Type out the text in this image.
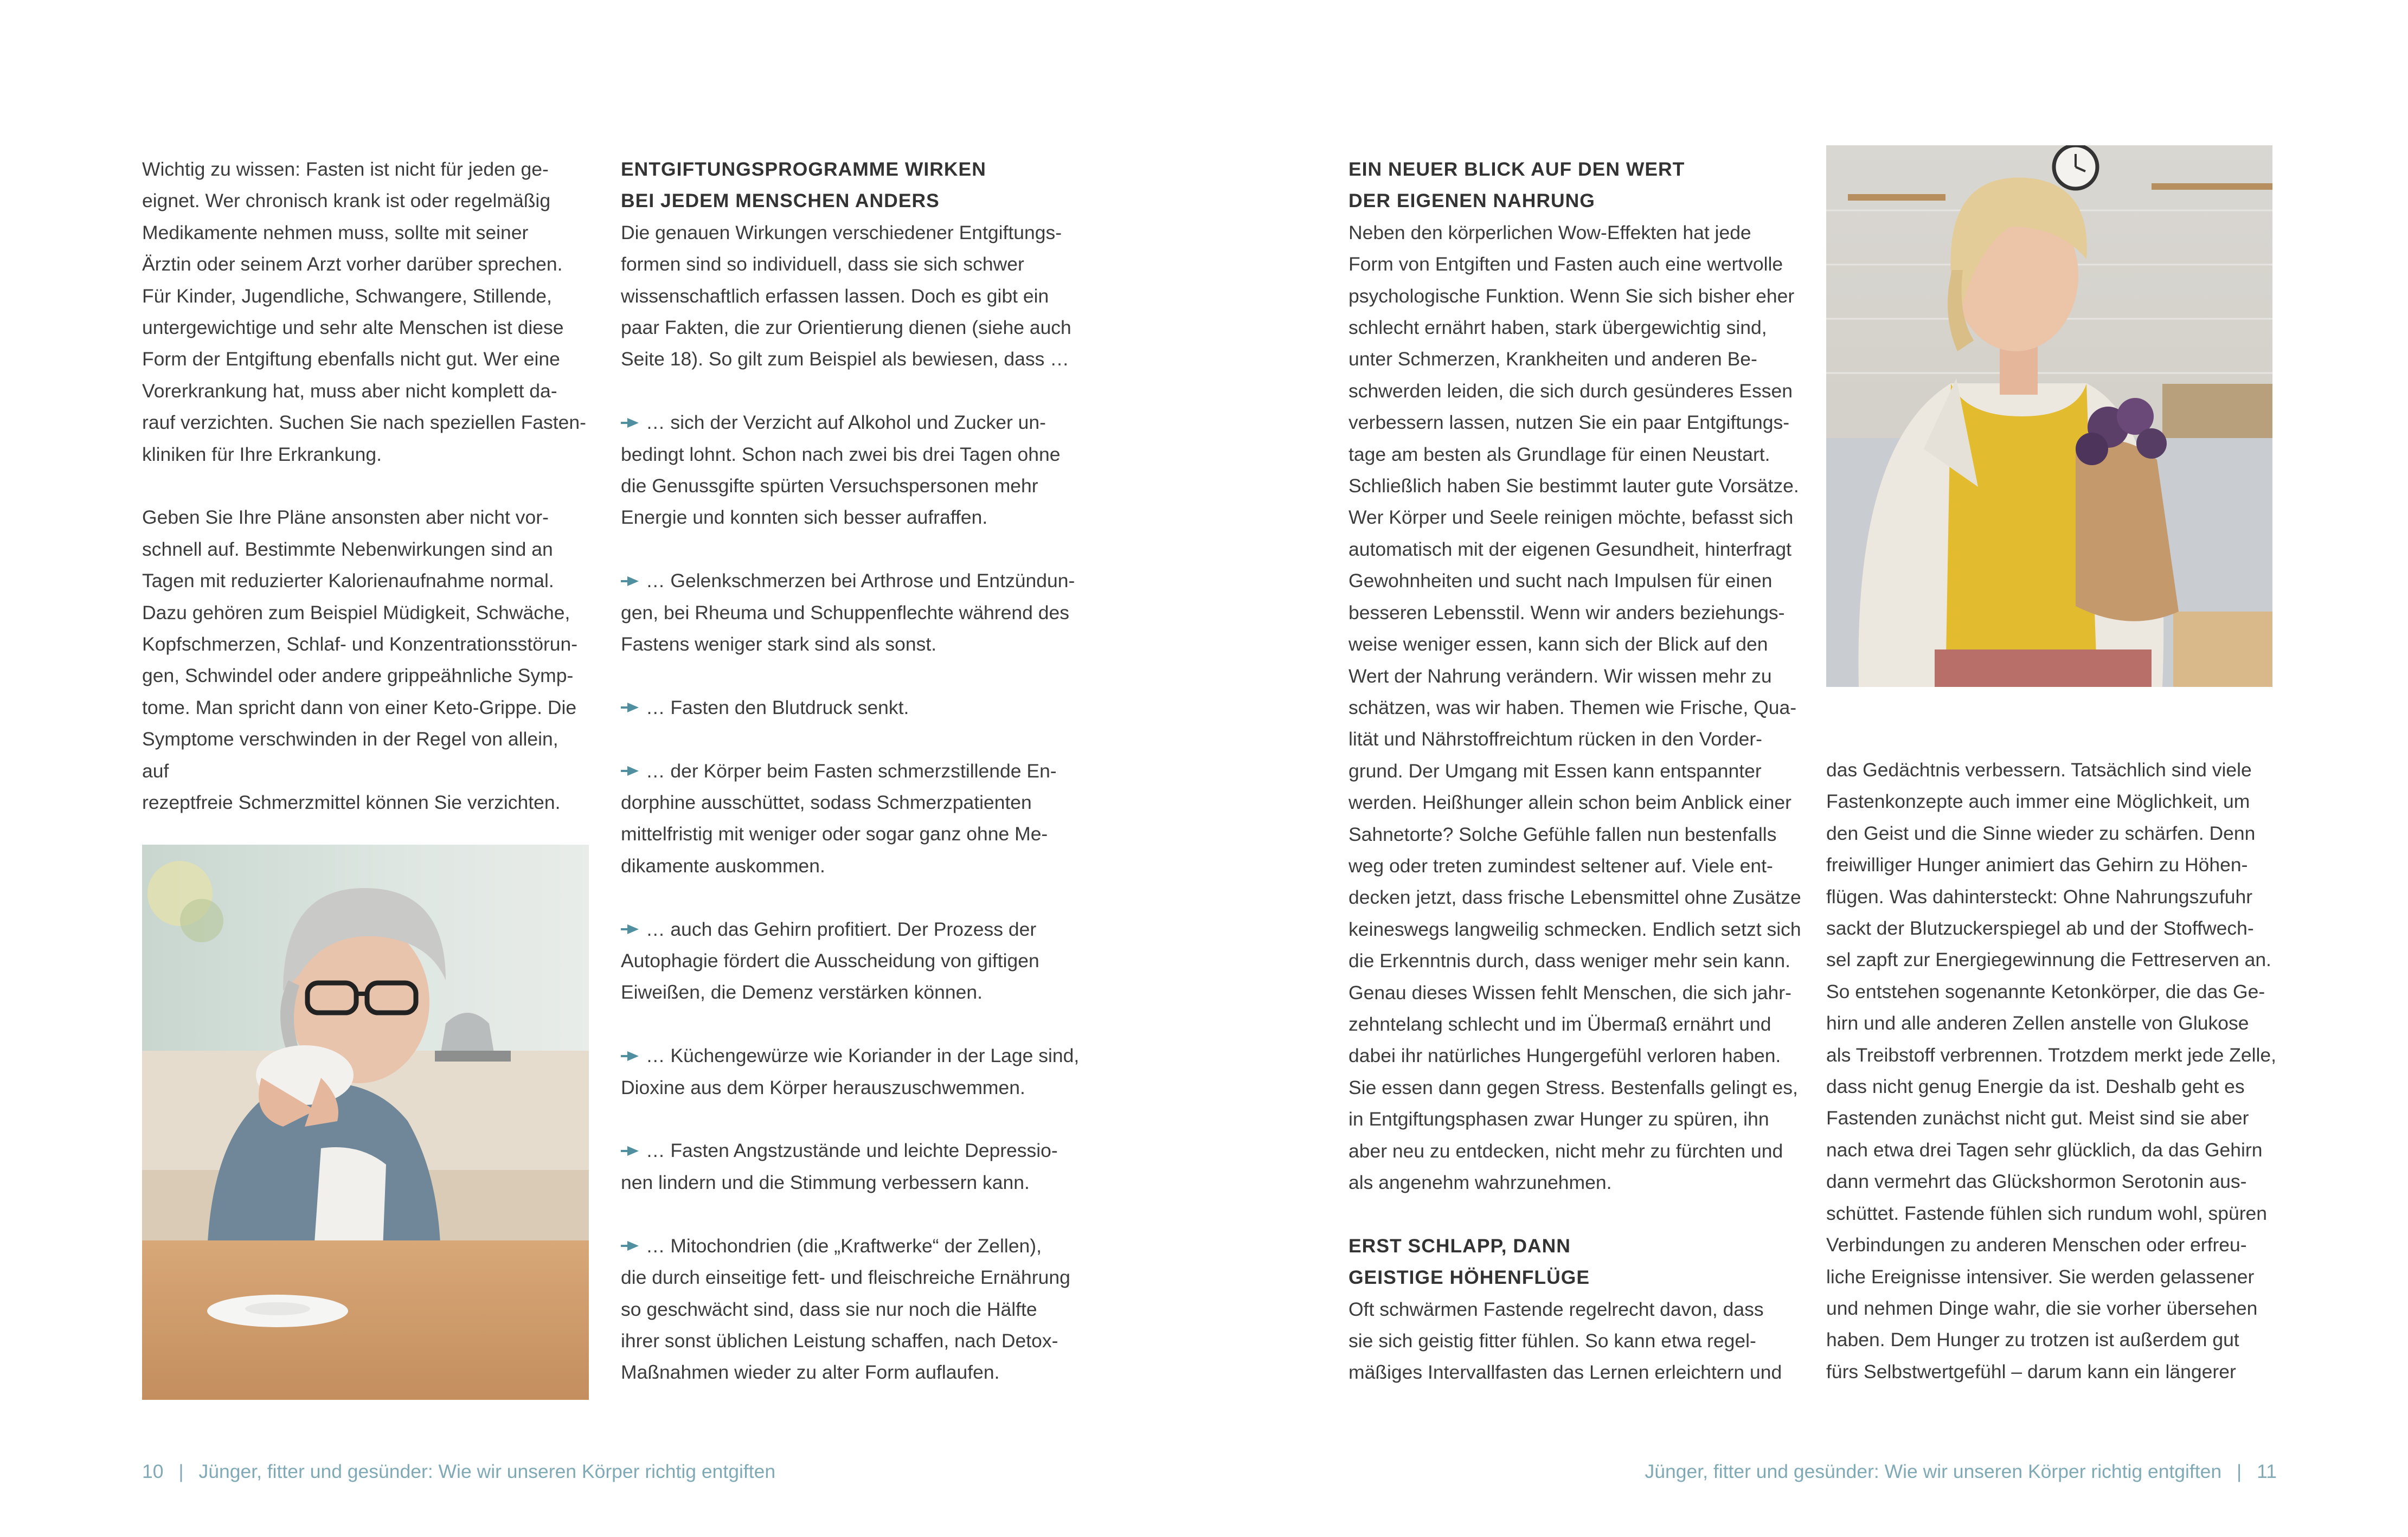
Wichtig zu wissen: Fasten ist nicht für jeden ge-
eignet. Wer chronisch krank ist oder regelmäßig
Medikamente nehmen muss, sollte mit seiner
Ärztin oder seinem Arzt vorher darüber sprechen.
Für Kinder, Jugendliche, Schwangere, Stillende,
untergewichtige und sehr alte Menschen ist diese
Form der Entgiftung ebenfalls nicht gut. Wer eine
Vorerkrankung hat, muss aber nicht komplett da-
rauf verzichten. Suchen Sie nach speziellen Fasten-
kliniken für Ihre Erkrankung.

Geben Sie Ihre Pläne ansonsten aber nicht vor-
schnell auf. Bestimmte Nebenwirkungen sind an
Tagen mit reduzierter Kalorienaufnahme normal.
Dazu gehören zum Beispiel Müdigkeit, Schwäche,
Kopfschmerzen, Schlaf- und Konzentrationsstörun-
gen, Schwindel oder andere grippeähnliche Symp-
tome. Man spricht dann von einer Keto-Grippe. Die
Symptome verschwinden in der Regel von allein, auf
rezeptfreie Schmerzmittel können Sie verzichten.

ENTGIFTUNGSPROGRAMME WIRKEN
BEI JEDEM MENSCHEN ANDERS

Die genauen Wirkungen verschiedener Entgiftungs-
formen sind so individuell, dass sie sich schwer
wissenschaftlich erfassen lassen. Doch es gibt ein
paar Fakten, die zur Orientierung dienen (siehe auch
Seite 18). So gilt zum Beispiel als bewiesen, dass …

… sich der Verzicht auf Alkohol und Zucker un-
bedingt lohnt. Schon nach zwei bis drei Tagen ohne
die Genussgifte spürten Versuchspersonen mehr
Energie und konnten sich besser aufraffen.

… Gelenkschmerzen bei Arthrose und Entzündun-
gen, bei Rheuma und Schuppenflechte während des
Fastens weniger stark sind als sonst.

… Fasten den Blutdruck senkt.

… der Körper beim Fasten schmerzstillende En-
dorphine ausschüttet, sodass Schmerzpatienten
mittelfristig mit weniger oder sogar ganz ohne Me-
dikamente auskommen.

… auch das Gehirn profitiert. Der Prozess der
Autophagie fördert die Ausscheidung von giftigen
Eiweißen, die Demenz verstärken können.

… Küchengewürze wie Koriander in der Lage sind,
Dioxine aus dem Körper herauszuschwemmen.

… Fasten Angstzustände und leichte Depressio-
nen lindern und die Stimmung verbessern kann.

… Mitochondrien (die „Kraftwerke“ der Zellen),
die durch einseitige fett- und fleischreiche Ernährung
so geschwächt sind, dass sie nur noch die Hälfte
ihrer sonst üblichen Leistung schaffen, nach Detox-
Maßnahmen wieder zu alter Form auflaufen.

EIN NEUER BLICK AUF DEN WERT
DER EIGENEN NAHRUNG

Neben den körperlichen Wow-Effekten hat jede
Form von Entgiften und Fasten auch eine wertvolle
psychologische Funktion. Wenn Sie sich bisher eher
schlecht ernährt haben, stark übergewichtig sind,
unter Schmerzen, Krankheiten und anderen Be-
schwerden leiden, die sich durch gesünderes Essen
verbessern lassen, nutzen Sie ein paar Entgiftungs-
tage am besten als Grundlage für einen Neustart.
Schließlich haben Sie bestimmt lauter gute Vorsätze.
Wer Körper und Seele reinigen möchte, befasst sich
automatisch mit der eigenen Gesundheit, hinterfragt
Gewohnheiten und sucht nach Impulsen für einen
besseren Lebensstil. Wenn wir anders beziehungs-
weise weniger essen, kann sich der Blick auf den
Wert der Nahrung verändern. Wir wissen mehr zu
schätzen, was wir haben. Themen wie Frische, Qua-
lität und Nährstoffreichtum rücken in den Vorder-
grund. Der Umgang mit Essen kann entspannter
werden. Heißhunger allein schon beim Anblick einer
Sahnetorte? Solche Gefühle fallen nun bestenfalls
weg oder treten zumindest seltener auf. Viele ent-
decken jetzt, dass frische Lebensmittel ohne Zusätze
keineswegs langweilig schmecken. Endlich setzt sich
die Erkenntnis durch, dass weniger mehr sein kann.
Genau dieses Wissen fehlt Menschen, die sich jahr-
zehntelang schlecht und im Übermaß ernährt und
dabei ihr natürliches Hungergefühl verloren haben.
Sie essen dann gegen Stress. Bestenfalls gelingt es,
in Entgiftungsphasen zwar Hunger zu spüren, ihn
aber neu zu entdecken, nicht mehr zu fürchten und
als angenehm wahrzunehmen.

ERST SCHLAPP, DANN
GEISTIGE HÖHENFLÜGE

Oft schwärmen Fastende regelrecht davon, dass
sie sich geistig fitter fühlen. So kann etwa regel-
mäßiges Intervallfasten das Lernen erleichtern und

das Gedächtnis verbessern. Tatsächlich sind viele
Fastenkonzepte auch immer eine Möglichkeit, um
den Geist und die Sinne wieder zu schärfen. Denn
freiwilliger Hunger animiert das Gehirn zu Höhen-
flügen. Was dahintersteckt: Ohne Nahrungszufuhr
sackt der Blutzuckerspiegel ab und der Stoffwech-
sel zapft zur Energiegewinnung die Fettreserven an.
So entstehen sogenannte Ketonkörper, die das Ge-
hirn und alle anderen Zellen anstelle von Glukose
als Treibstoff verbrennen. Trotzdem merkt jede Zelle,
dass nicht genug Energie da ist. Deshalb geht es
Fastenden zunächst nicht gut. Meist sind sie aber
nach etwa drei Tagen sehr glücklich, da das Gehirn
dann vermehrt das Glückshormon Serotonin aus-
schüttet. Fastende fühlen sich rundum wohl, spüren
Verbindungen zu anderen Menschen oder erfreu-
liche Ereignisse intensiver. Sie werden gelassener
und nehmen Dinge wahr, die sie vorher übersehen
haben. Dem Hunger zu trotzen ist außerdem gut
fürs Selbstwertgefühl – darum kann ein längerer

10 | Jünger, fitter und gesünder: Wie wir unseren Körper richtig entgiften	Jünger, fitter und gesünder: Wie wir unseren Körper richtig entgiften | 11
